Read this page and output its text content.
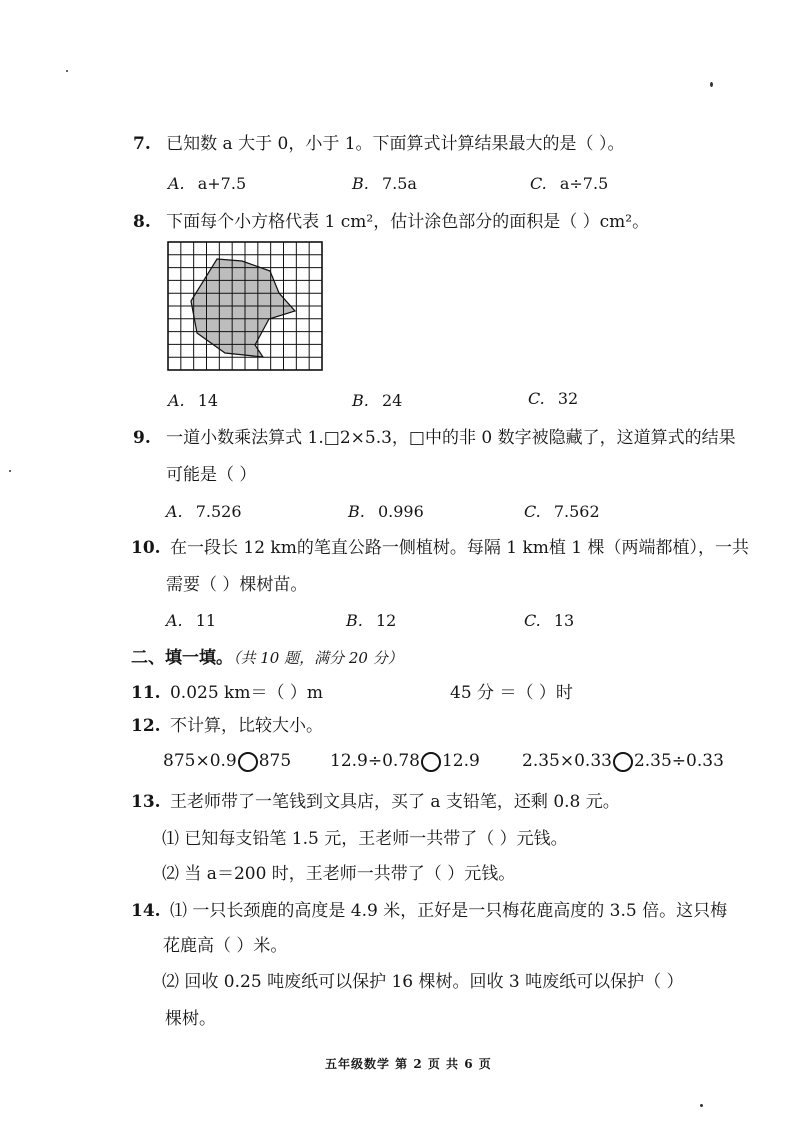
7. 已知数 a 大于 0，小于 1。下面算式计算结果最大的是（ ）。
A. a+7.5	B. 7.5a	C. a÷7.5
8. 下面每个小方格代表 1 cm²，估计涂色部分的面积是（ ）cm²。
A. 14	B. 24	C. 32
9. 一道小数乘法算式 1.□2×5.3，□中的非 0 数字被隐藏了，这道算式的结果
可能是（ ）
A. 7.526	B. 0.996	C. 7.562
10. 在一段长 12 km的笔直公路一侧植树。每隔 1 km植 1 棵（两端都植），一共
需要（ ）棵树苗。
A. 11	B. 12	C. 13
二、填一填。（共 10 题，满分 20 分）
11. 0.025 km＝（ ）m	45 分 ＝（ ）时
12. 不计算，比较大小。
875×0.9 875 12.9÷0.78 12.9 2.35×0.33 2.35÷0.33
13. 王老师带了一笔钱到文具店，买了 a 支铅笔，还剩 0.8 元。
⑴ 已知每支铅笔 1.5 元，王老师一共带了（ ）元钱。
⑵ 当 a＝200 时，王老师一共带了（ ）元钱。
14. ⑴ 一只长颈鹿的高度是 4.9 米，正好是一只梅花鹿高度的 3.5 倍。这只梅
花鹿高（ ）米。
⑵ 回收 0.25 吨废纸可以保护 16 棵树。回收 3 吨废纸可以保护（ ）
棵树。
五年级数学 第 2 页 共 6 页
